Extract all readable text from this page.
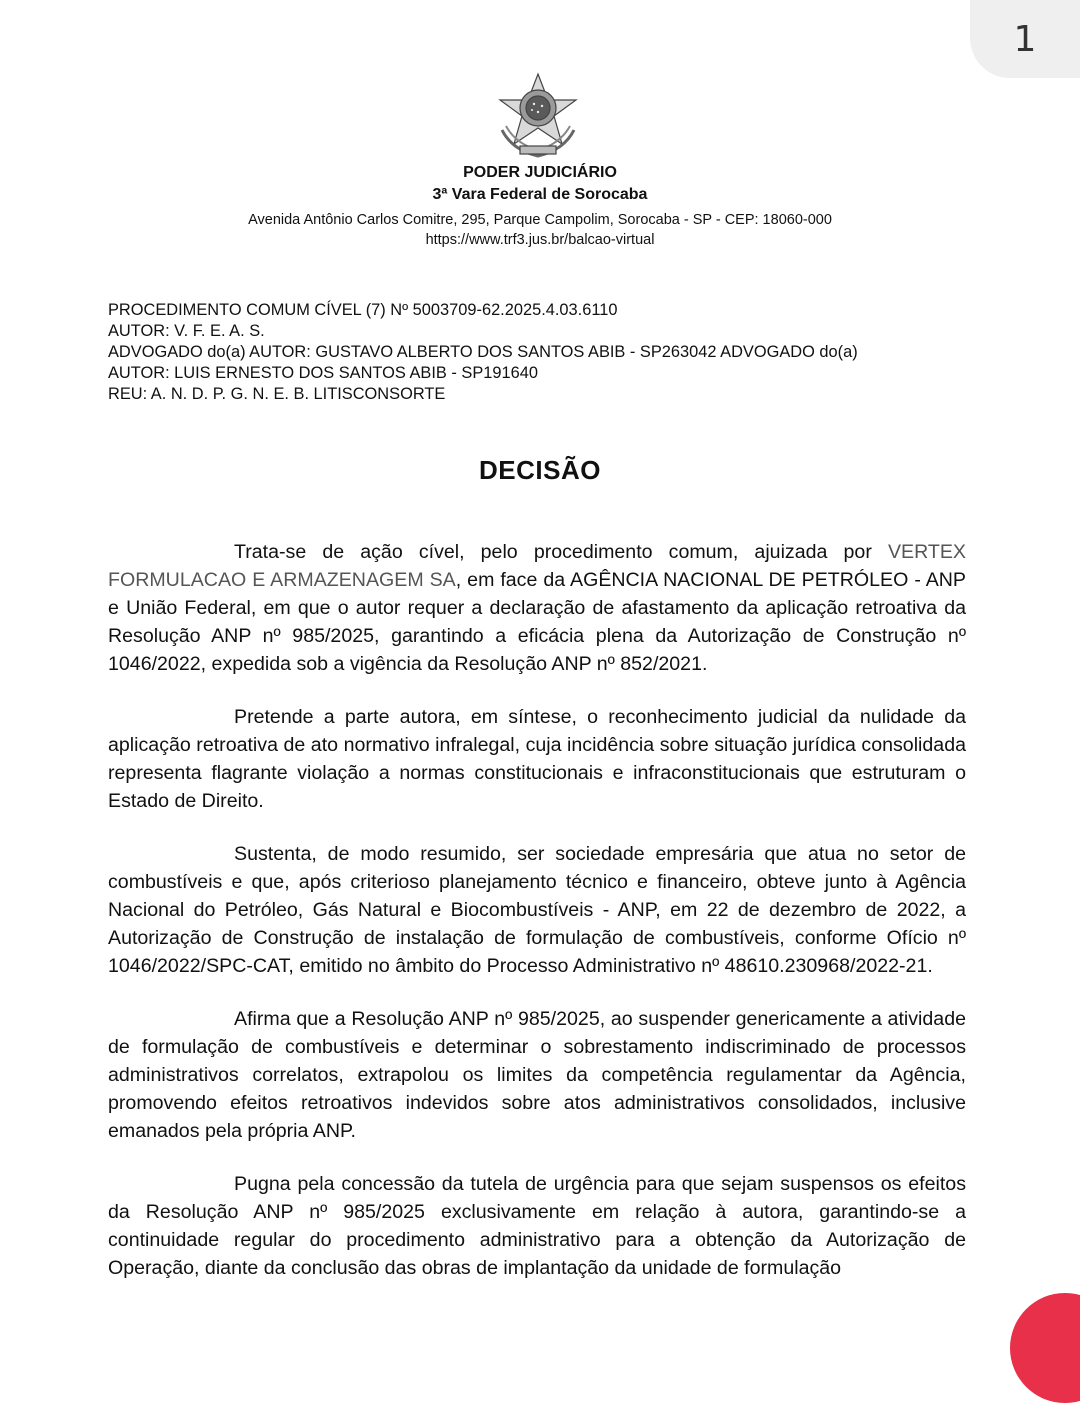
1
PODER JUDICIÁRIO
3ª Vara Federal de Sorocaba
Avenida Antônio Carlos Comitre, 295, Parque Campolim, Sorocaba - SP - CEP: 18060-000
https://www.trf3.jus.br/balcao-virtual
PROCEDIMENTO COMUM CÍVEL (7) Nº 5003709-62.2025.4.03.6110
AUTOR: V. F. E. A. S.
ADVOGADO do(a) AUTOR: GUSTAVO ALBERTO DOS SANTOS ABIB - SP263042 ADVOGADO do(a)
AUTOR: LUIS ERNESTO DOS SANTOS ABIB - SP191640
REU: A. N. D. P. G. N. E. B. LITISCONSORTE
DECISÃO

Trata-se de ação cível, pelo procedimento comum, ajuizada por VERTEX FORMULACAO E ARMAZENAGEM SA, em face da AGÊNCIA NACIONAL DE PETRÓLEO - ANP e União Federal, em que o autor requer a declaração de afastamento da aplicação retroativa da Resolução ANP nº 985/2025, garantindo a eficácia plena da Autorização de Construção nº 1046/2022, expedida sob a vigência da Resolução ANP nº 852/2021.

Pretende a parte autora, em síntese, o reconhecimento judicial da nulidade da aplicação retroativa de ato normativo infralegal, cuja incidência sobre situação jurídica consolidada representa flagrante violação a normas constitucionais e infraconstitucionais que estruturam o Estado de Direito.

Sustenta, de modo resumido, ser sociedade empresária que atua no setor de combustíveis e que, após criterioso planejamento técnico e financeiro, obteve junto à Agência Nacional do Petróleo, Gás Natural e Biocombustíveis - ANP, em 22 de dezembro de 2022, a Autorização de Construção de instalação de formulação de combustíveis, conforme Ofício nº 1046/2022/SPC-CAT, emitido no âmbito do Processo Administrativo nº 48610.230968/2022-21.

Afirma que a Resolução ANP nº 985/2025, ao suspender genericamente a atividade de formulação de combustíveis e determinar o sobrestamento indiscriminado de processos administrativos correlatos, extrapolou os limites da competência regulamentar da Agência, promovendo efeitos retroativos indevidos sobre atos administrativos consolidados, inclusive emanados pela própria ANP.

Pugna pela concessão da tutela de urgência para que sejam suspensos os efeitos da Resolução ANP nº 985/2025 exclusivamente em relação à autora, garantindo-se a continuidade regular do procedimento administrativo para a obtenção da Autorização de Operação, diante da conclusão das obras de implantação da unidade de formulação
